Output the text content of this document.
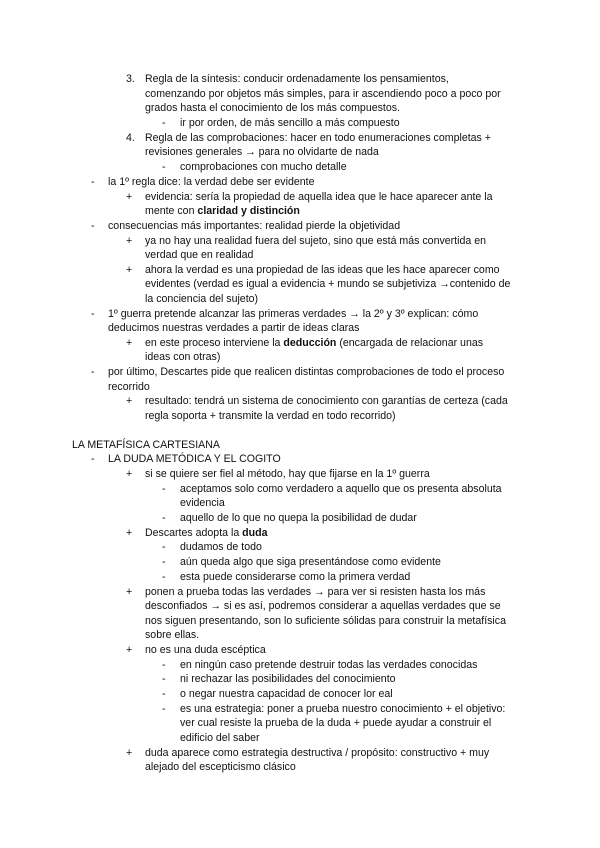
3. Regla de la síntesis: conducir ordenadamente los pensamientos,
comenzando por objetos más simples, para ir ascendiendo poco a poco por
grados hasta el conocimiento de los más compuestos.
- ir por orden, de más sencillo a más compuesto
4. Regla de las comprobaciones: hacer en todo enumeraciones completas +
revisiones generales → para no olvidarte de nada
- comprobaciones con mucho detalle
- la 1º regla dice: la verdad debe ser evidente
+ evidencia: sería la propiedad de aquella idea que le hace aparecer ante la
mente con claridad y distinción
- consecuencias más importantes: realidad pierde la objetividad
+ ya no hay una realidad fuera del sujeto, sino que está más convertida en
verdad que en realidad
+ ahora la verdad es una propiedad de las ideas que les hace aparecer como
evidentes (verdad es igual a evidencia + mundo se subjetiviza →contenido de
la conciencia del sujeto)
- 1º guerra pretende alcanzar las primeras verdades → la 2º y 3º explican: cómo
deducimos nuestras verdades a partir de ideas claras
+ en este proceso interviene la deducción (encargada de relacionar unas
ideas con otras)
- por último, Descartes pide que realicen distintas comprobaciones de todo el proceso
recorrido
+ resultado: tendrá un sistema de conocimiento con garantías de certeza (cada
regla soporta + transmite la verdad en todo recorrido)
LA METAFÍSICA CARTESIANA
- LA DUDA METÓDICA Y EL COGITO
+ si se quiere ser fiel al método, hay que fijarse en la 1º guerra
- aceptamos solo como verdadero a aquello que os presenta absoluta
evidencia
- aquello de lo que no quepa la posibilidad de dudar
+ Descartes adopta la duda
- dudamos de todo
- aún queda algo que siga presentándose como evidente
- esta puede considerarse como la primera verdad
+ ponen a prueba todas las verdades → para ver si resisten hasta los más
desconfiados → si es así, podremos considerar a aquellas verdades que se
nos siguen presentando, son lo suficiente sólidas para construir la metafísica
sobre ellas.
+ no es una duda escéptica
- en ningún caso pretende destruir todas las verdades conocidas
- ni rechazar las posibilidades del conocimiento
- o negar nuestra capacidad de conocer lor eal
- es una estrategia: poner a prueba nuestro conocimiento + el objetivo:
ver cual resiste la prueba de la duda + puede ayudar a construir el
edificio del saber
+ duda aparece como estrategia destructiva / propósito: constructivo + muy
alejado del escepticismo clásico
